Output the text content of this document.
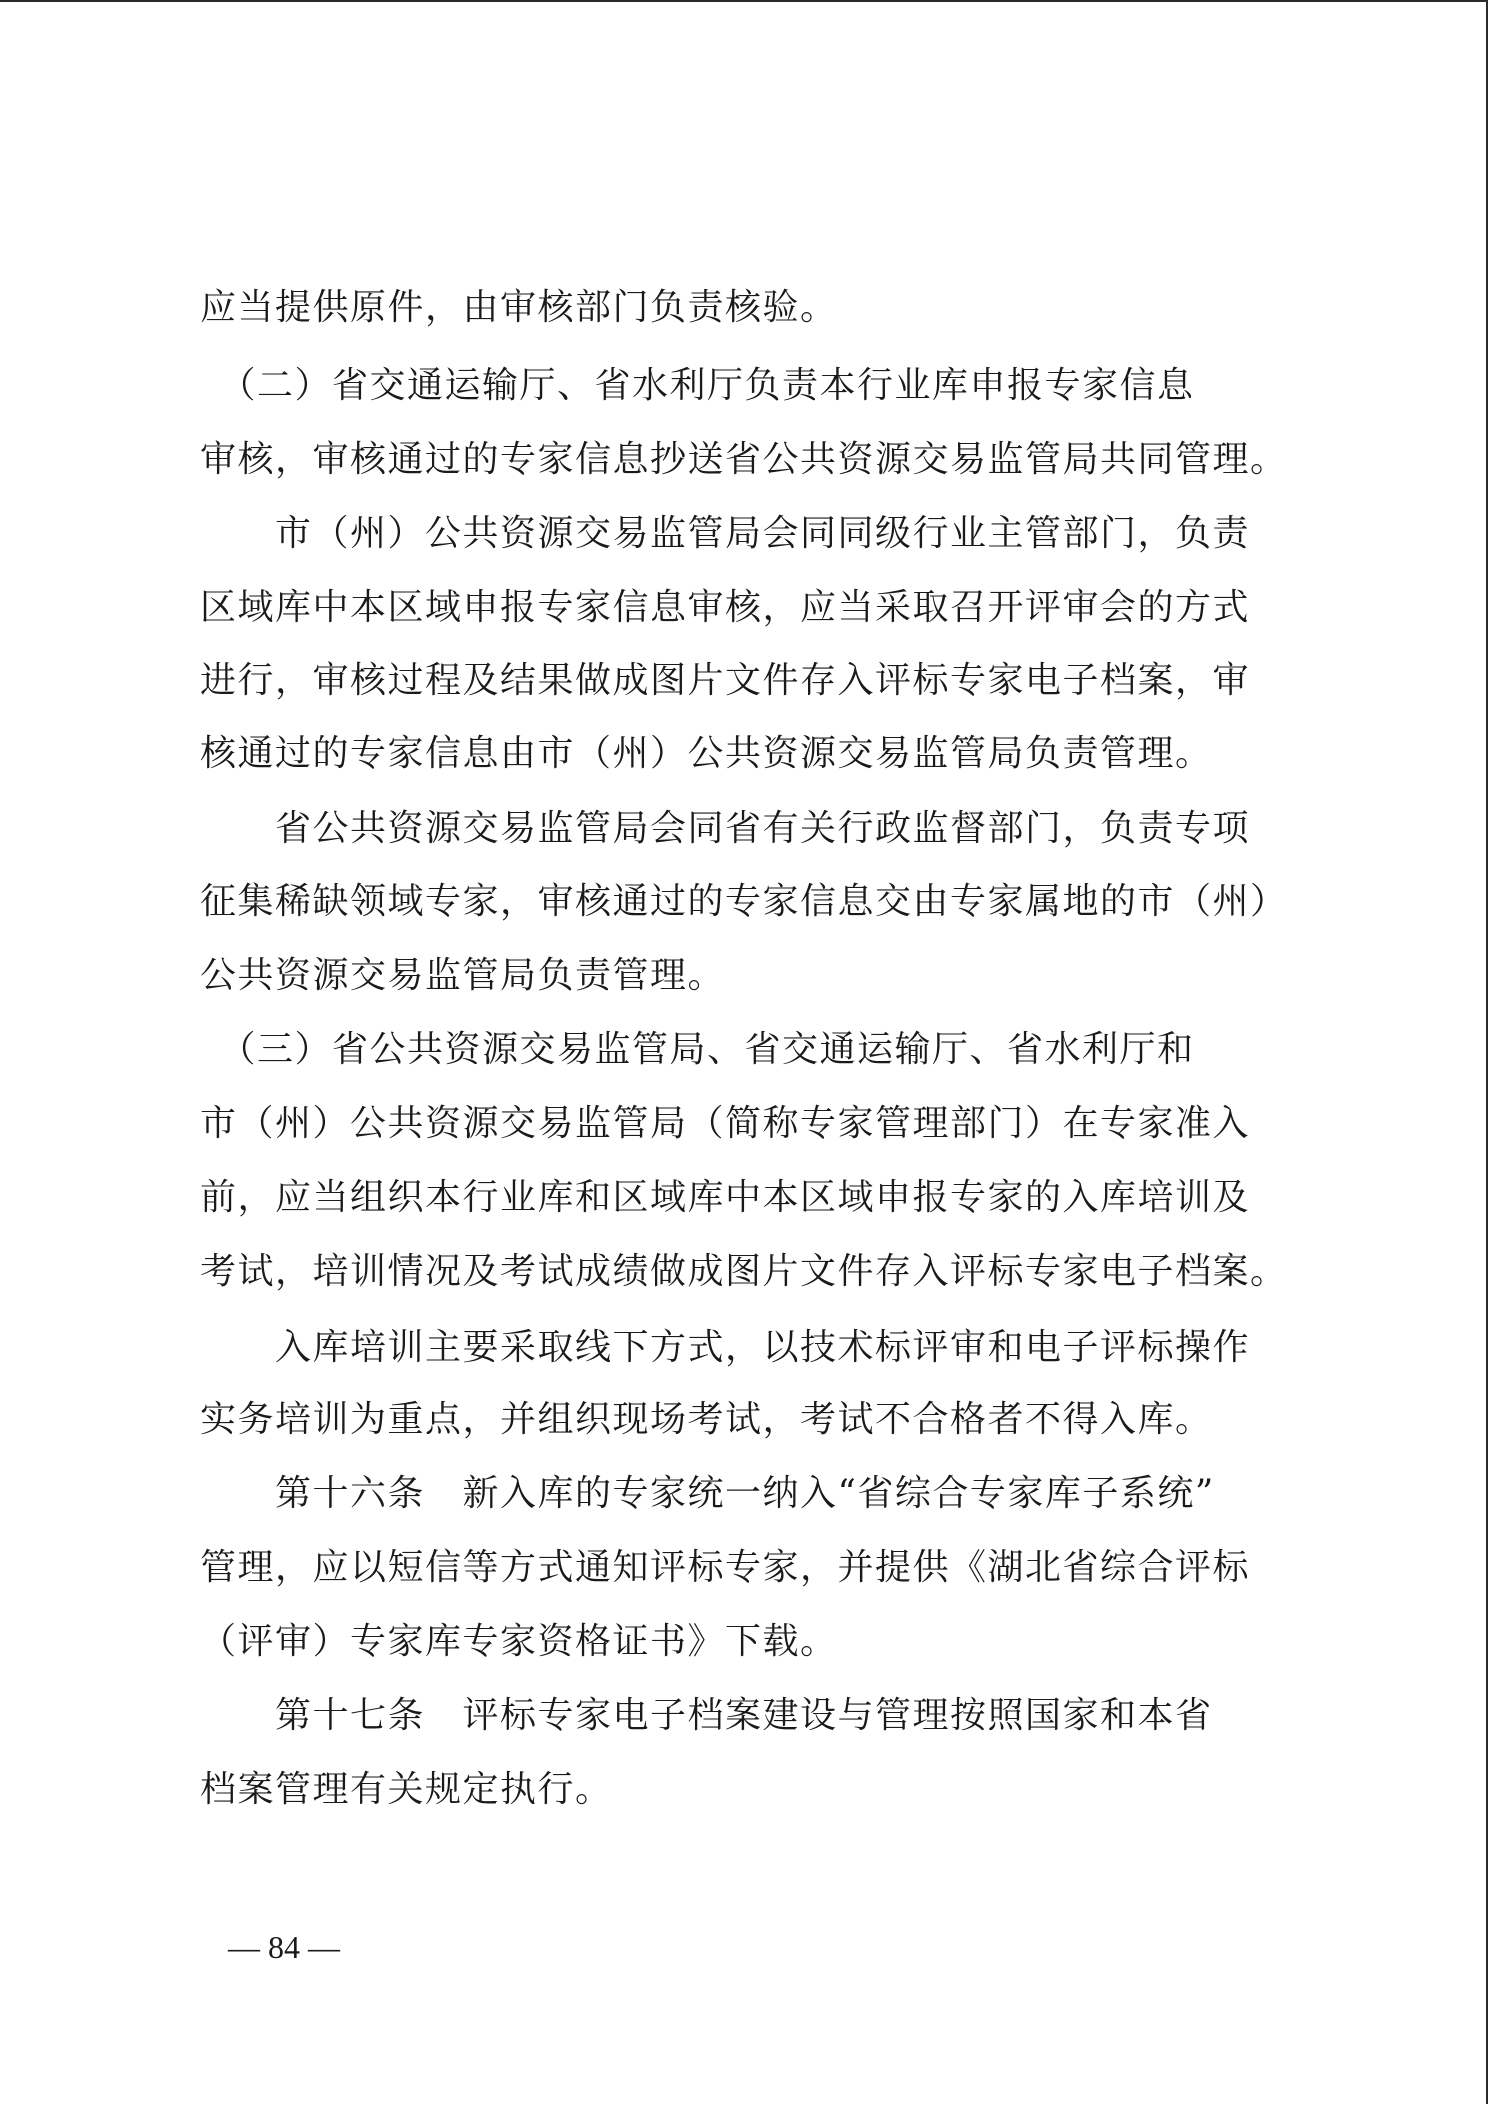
应当提供原件，由审核部门负责核验。
　（二）省交通运输厅、省水利厅负责本行业库申报专家信息
审核，审核通过的专家信息抄送省公共资源交易监管局共同管理。
　　市（州）公共资源交易监管局会同同级行业主管部门，负责
区域库中本区域申报专家信息审核，应当采取召开评审会的方式
进行，审核过程及结果做成图片文件存入评标专家电子档案，审
核通过的专家信息由市（州）公共资源交易监管局负责管理。
　　省公共资源交易监管局会同省有关行政监督部门，负责专项
征集稀缺领域专家，审核通过的专家信息交由专家属地的市（州）
公共资源交易监管局负责管理。
　（三）省公共资源交易监管局、省交通运输厅、省水利厅和
市（州）公共资源交易监管局（简称专家管理部门）在专家准入
前，应当组织本行业库和区域库中本区域申报专家的入库培训及
考试，培训情况及考试成绩做成图片文件存入评标专家电子档案。
　　入库培训主要采取线下方式，以技术标评审和电子评标操作
实务培训为重点，并组织现场考试，考试不合格者不得入库。
　　第十六条　新入库的专家统一纳入“省综合专家库子系统”
管理，应以短信等方式通知评标专家，并提供《湖北省综合评标
（评审）专家库专家资格证书》下载。
　　第十七条　评标专家电子档案建设与管理按照国家和本省
档案管理有关规定执行。
— 84 —
